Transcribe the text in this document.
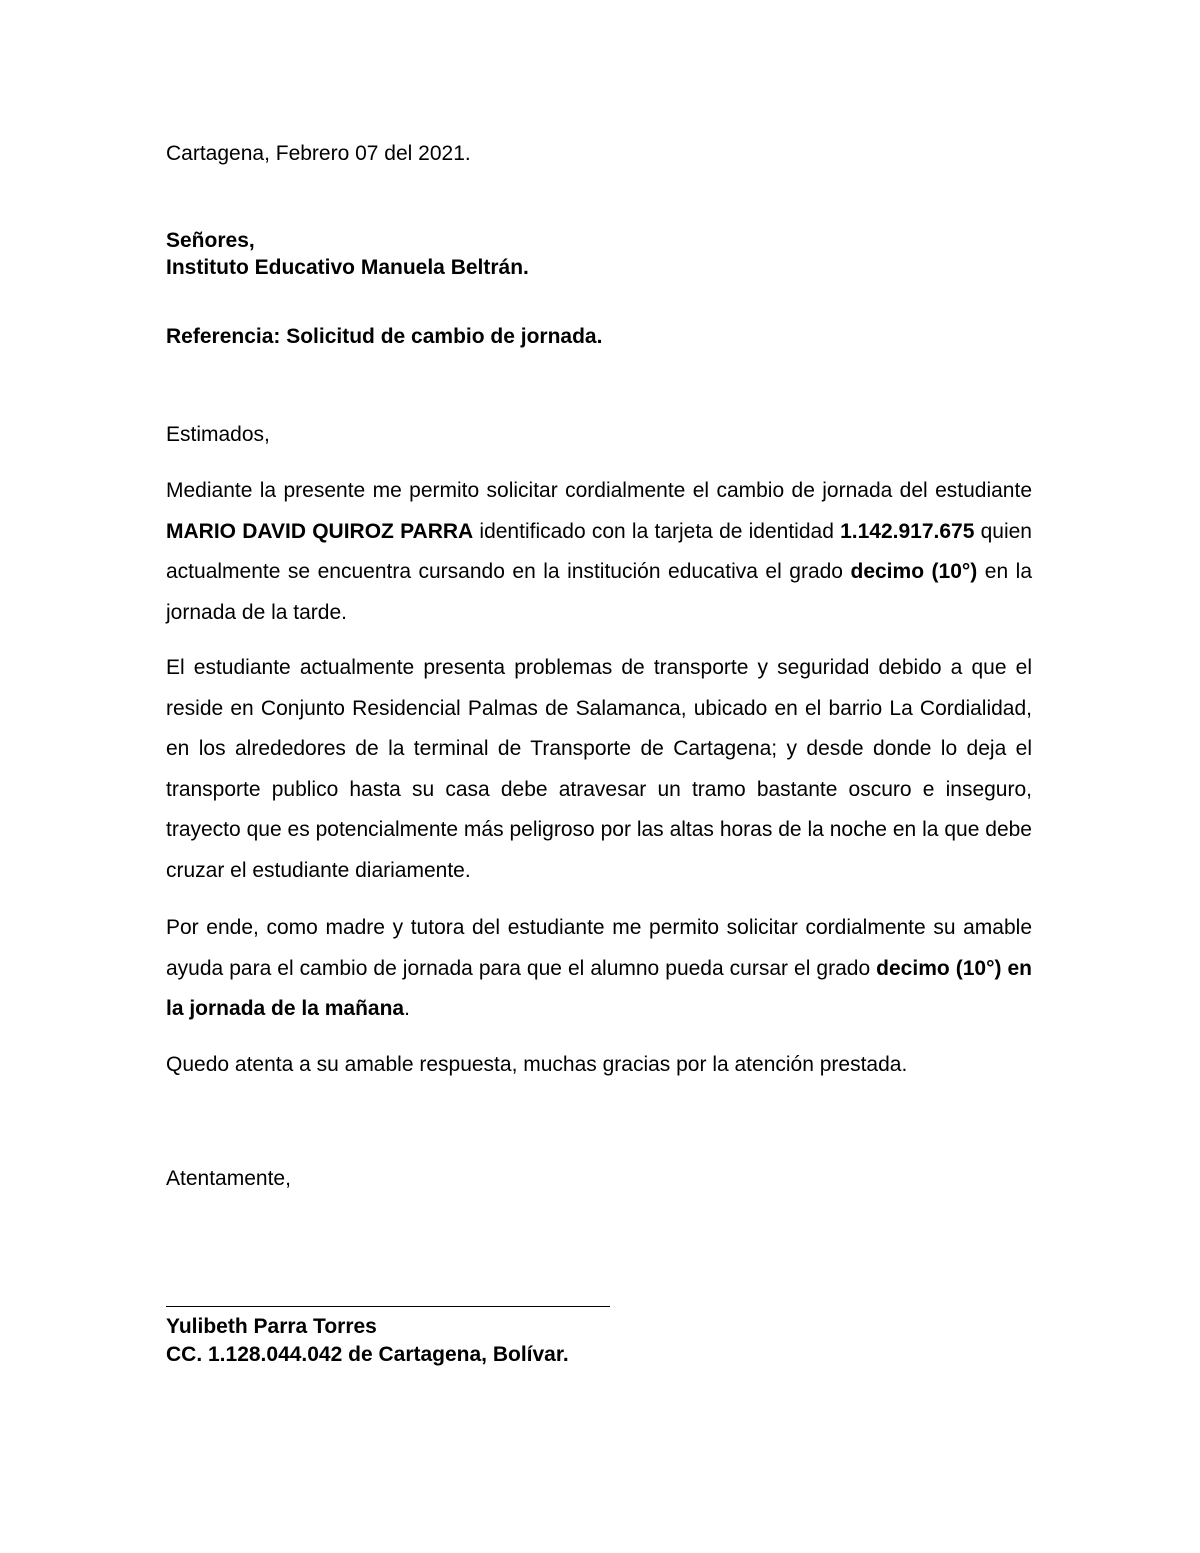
Cartagena, Febrero 07 del 2021.

Señores,

Instituto Educativo Manuela Beltrán.

Referencia: Solicitud de cambio de jornada.

Estimados,

Mediante la presente me permito solicitar cordialmente el cambio de jornada del estudiante MARIO DAVID QUIROZ PARRA identificado con la tarjeta de identidad 1.142.917.675 quien actualmente se encuentra cursando en la institución educativa el grado decimo (10°) en la jornada de la tarde.

El estudiante actualmente presenta problemas de transporte y seguridad debido a que el reside en Conjunto Residencial Palmas de Salamanca, ubicado en el barrio La Cordialidad, en los alrededores de la terminal de Transporte de Cartagena; y desde donde lo deja el transporte publico hasta su casa debe atravesar un tramo bastante oscuro e inseguro, trayecto que es potencialmente más peligroso por las altas horas de la noche en la que debe cruzar el estudiante diariamente.

Por ende, como madre y tutora del estudiante me permito solicitar cordialmente su amable ayuda para el cambio de jornada para que el alumno pueda cursar el grado decimo (10°) en la jornada de la mañana.

Quedo atenta a su amable respuesta, muchas gracias por la atención prestada.

Atentamente,

Yulibeth Parra Torres

CC. 1.128.044.042 de Cartagena, Bolívar.
